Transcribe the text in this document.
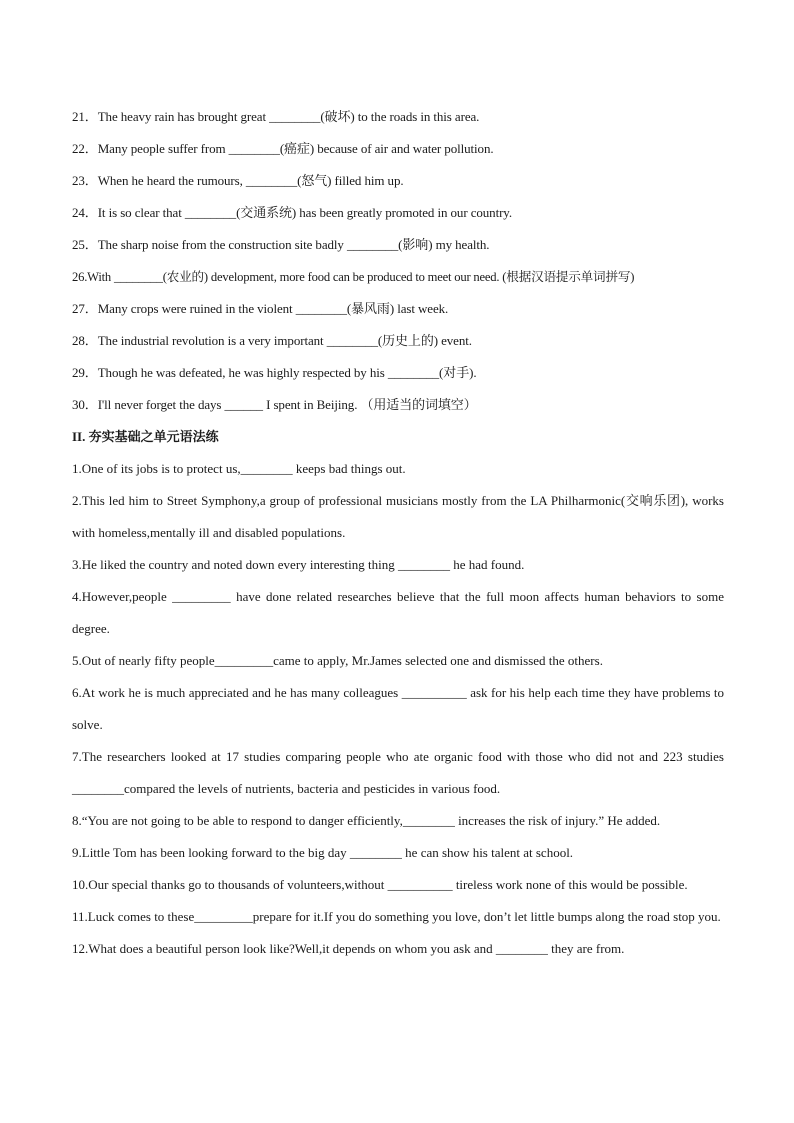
21．The heavy rain has brought great ________(破坏) to the roads in this area.
22．Many people suffer from ________(癌症) because of air and water pollution.
23．When he heard the rumours, ________(怒气) filled him up.
24．It is so clear that ________(交通系统) has been greatly promoted in our country.
25．The sharp noise from the construction site badly ________(影响) my health.
26.With ________(农业的) development, more food can be produced to meet our need. (根据汉语提示单词拼写)
27．Many crops were ruined in the violent ________(暴风雨) last week.
28．The industrial revolution is a very important ________(历史上的) event.
29．Though he was defeated, he was highly respected by his ________(对手).
30．I'll never forget the days ______ I spent in Beijing. （用适当的词填空）
II. 夯实基础之单元语法练

1.One of its jobs is to protect us,________ keeps bad things out.

2.This led him to Street Symphony,a group of professional musicians mostly from the LA Philharmonic(交响乐团), works with homeless,mentally ill and disabled populations.

3.He liked the country and noted down every interesting thing ________ he had found.

4.However,people _________ have done related researches believe that the full moon affects human behaviors to some degree.

5.Out of nearly fifty people_________came to apply, Mr.James selected one and dismissed the others.

6.At work he is much appreciated and he has many colleagues __________ ask for his help each time they have problems to solve.

7.The researchers looked at 17 studies comparing people who ate organic food with those who did not and 223 studies ________compared the levels of nutrients, bacteria and pesticides in various food.

8.“You are not going to be able to respond to danger efficiently,________ increases the risk of injury.” He added.

9.Little Tom has been looking forward to the big day ________ he can show his talent at school.

10.Our special thanks go to thousands of volunteers,without __________ tireless work none of this would be possible.

11.Luck comes to these_________prepare for it.If you do something you love, don’t let little bumps along the road stop you.

12.What does a beautiful person look like?Well,it depends on whom you ask and ________ they are from.
